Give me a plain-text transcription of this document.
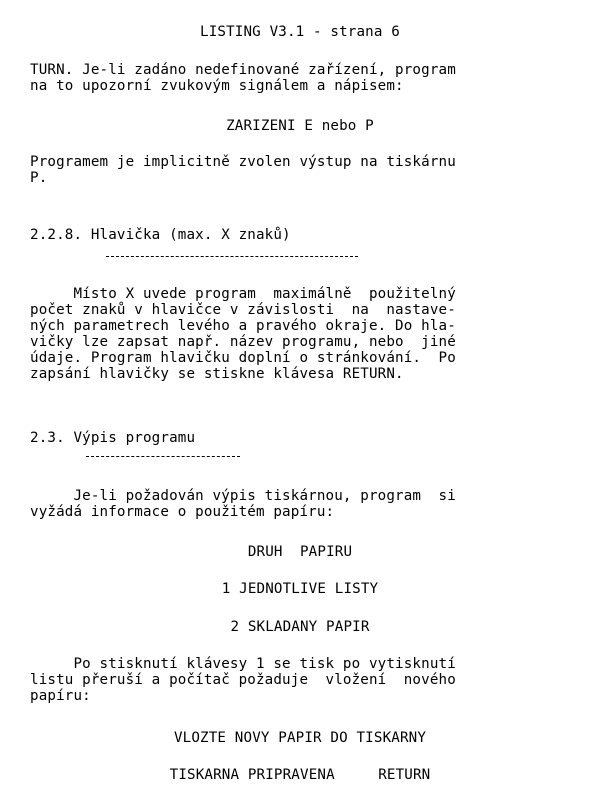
LISTING V3.1 - strana 6
TURN. Je-li zadáno nedefinované zařízení, program
na to upozorní zvukovým signálem a nápisem:
ZARIZENI E nebo P
Programem je implicitně zvolen výstup na tiskárnu
P.
2.2.8. Hlavička (max. X znaků)
Místo X uvede program  maximálně  použitelný
počet znaků v hlavičce v závislosti  na  nastave-
ných parametrech levého a pravého okraje. Do hla-
vičky lze zapsat např. název programu, nebo  jiné
údaje. Program hlavičku doplní o stránkování.  Po
zapsání hlavičky se stiskne klávesa RETURN.
2.3. Výpis programu
Je-li požadován výpis tiskárnou, program  si
vyžádá informace o použitém papíru:
DRUH  PAPIRU
1 JEDNOTLIVE LISTY
2 SKLADANY PAPIR
Po stisknutí klávesy 1 se tisk po vytisknutí
listu přeruší a počítač požaduje  vložení  nového
papíru:
VLOZTE NOVY PAPIR DO TISKARNY
TISKARNA PRIPRAVENA     RETURN
